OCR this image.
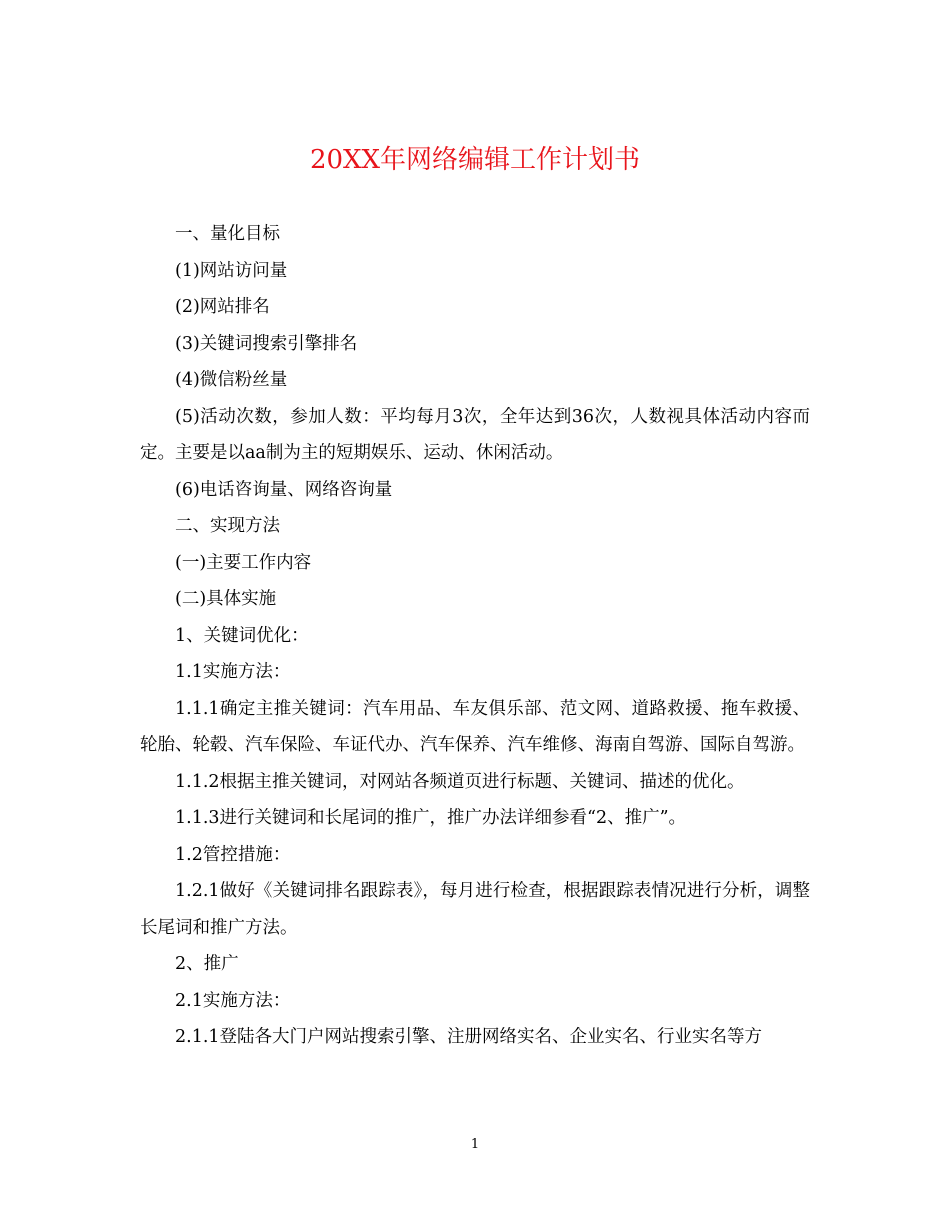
20XX年网络编辑工作计划书

一、量化目标

(1)网站访问量

(2)网站排名

(3)关键词搜索引擎排名

(4)微信粉丝量

(5)活动次数，参加人数：平均每月3次，全年达到36次，人数视具体活动内容而定。主要是以aa制为主的短期娱乐、运动、休闲活动。

(6)电话咨询量、网络咨询量

二、实现方法

(一)主要工作内容

(二)具体实施

1、关键词优化：

1.1实施方法：

1.1.1确定主推关键词：汽车用品、车友俱乐部、范文网、道路救援、拖车救援、轮胎、轮毂、汽车保险、车证代办、汽车保养、汽车维修、海南自驾游、国际自驾游。

1.1.2根据主推关键词，对网站各频道页进行标题、关键词、描述的优化。

1.1.3进行关键词和长尾词的推广，推广办法详细参看“2、推广”。

1.2管控措施：

1.2.1做好《关键词排名跟踪表》，每月进行检查，根据跟踪表情况进行分析，调整长尾词和推广方法。

2、推广

2.1实施方法：

2.1.1登陆各大门户网站搜索引擎、注册网络实名、企业实名、行业实名等方

1
